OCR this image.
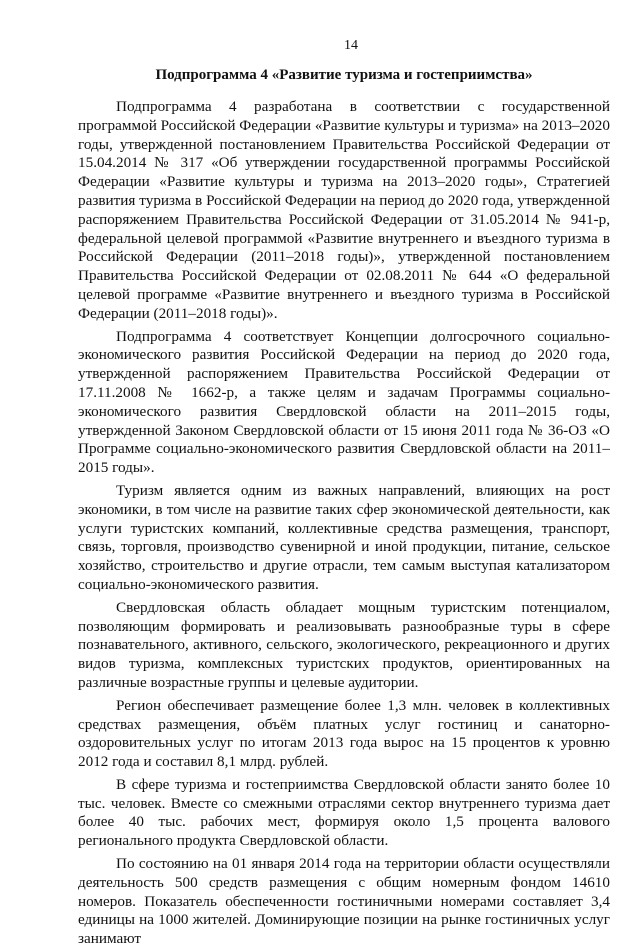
14
Подпрограмма 4 «Развитие туризма и гостеприимства»

Подпрограмма 4 разработана в соответствии с государственной программой Российской Федерации «Развитие культуры и туризма» на 2013–2020 годы, утвержденной постановлением Правительства Российской Федерации от 15.04.2014 № 317 «Об утверждении государственной программы Российской Федерации «Развитие культуры и туризма на 2013–2020 годы», Стратегией развития туризма в Российской Федерации на период до 2020 года, утвержденной распоряжением Правительства Российской Федерации от 31.05.2014 № 941-р, федеральной целевой программой «Развитие внутреннего и въездного туризма в Российской Федерации (2011–2018 годы)», утвержденной постановлением Правительства Российской Федерации от 02.08.2011 № 644 «О федеральной целевой программе «Развитие внутреннего и въездного туризма в Российской Федерации (2011–2018 годы)».

Подпрограмма 4 соответствует Концепции долгосрочного социально-экономического развития Российской Федерации на период до 2020 года, утвержденной распоряжением Правительства Российской Федерации от 17.11.2008 № 1662-р, а также целям и задачам Программы социально-экономического развития Свердловской области на 2011–2015 годы, утвержденной Законом Свердловской области от 15 июня 2011 года № 36-ОЗ «О Программе социально-экономического развития Свердловской области на 2011–2015 годы».

Туризм является одним из важных направлений, влияющих на рост экономики, в том числе на развитие таких сфер экономической деятельности, как услуги туристских компаний, коллективные средства размещения, транспорт, связь, торговля, производство сувенирной и иной продукции, питание, сельское хозяйство, строительство и другие отрасли, тем самым выступая катализатором социально-экономического развития.

Свердловская область обладает мощным туристским потенциалом, позволяющим формировать и реализовывать разнообразные туры в сфере познавательного, активного, сельского, экологического, рекреационного и других видов туризма, комплексных туристских продуктов, ориентированных на различные возрастные группы и целевые аудитории.

Регион обеспечивает размещение более 1,3 млн. человек в коллективных средствах размещения, объём платных услуг гостиниц и санаторно-оздоровительных услуг по итогам 2013 года вырос на 15 процентов к уровню 2012 года и составил 8,1 млрд. рублей.

В сфере туризма и гостеприимства Свердловской области занято более 10 тыс. человек. Вместе со смежными отраслями сектор внутреннего туризма дает более 40 тыс. рабочих мест, формируя около 1,5 процента валового регионального продукта Свердловской области.

По состоянию на 01 января 2014 года на территории области осуществляли деятельность 500 средств размещения с общим номерным фондом 14610 номеров. Показатель обеспеченности гостиничными номерами составляет 3,4 единицы на 1000 жителей. Доминирующие позиции на рынке гостиничных услуг занимают
